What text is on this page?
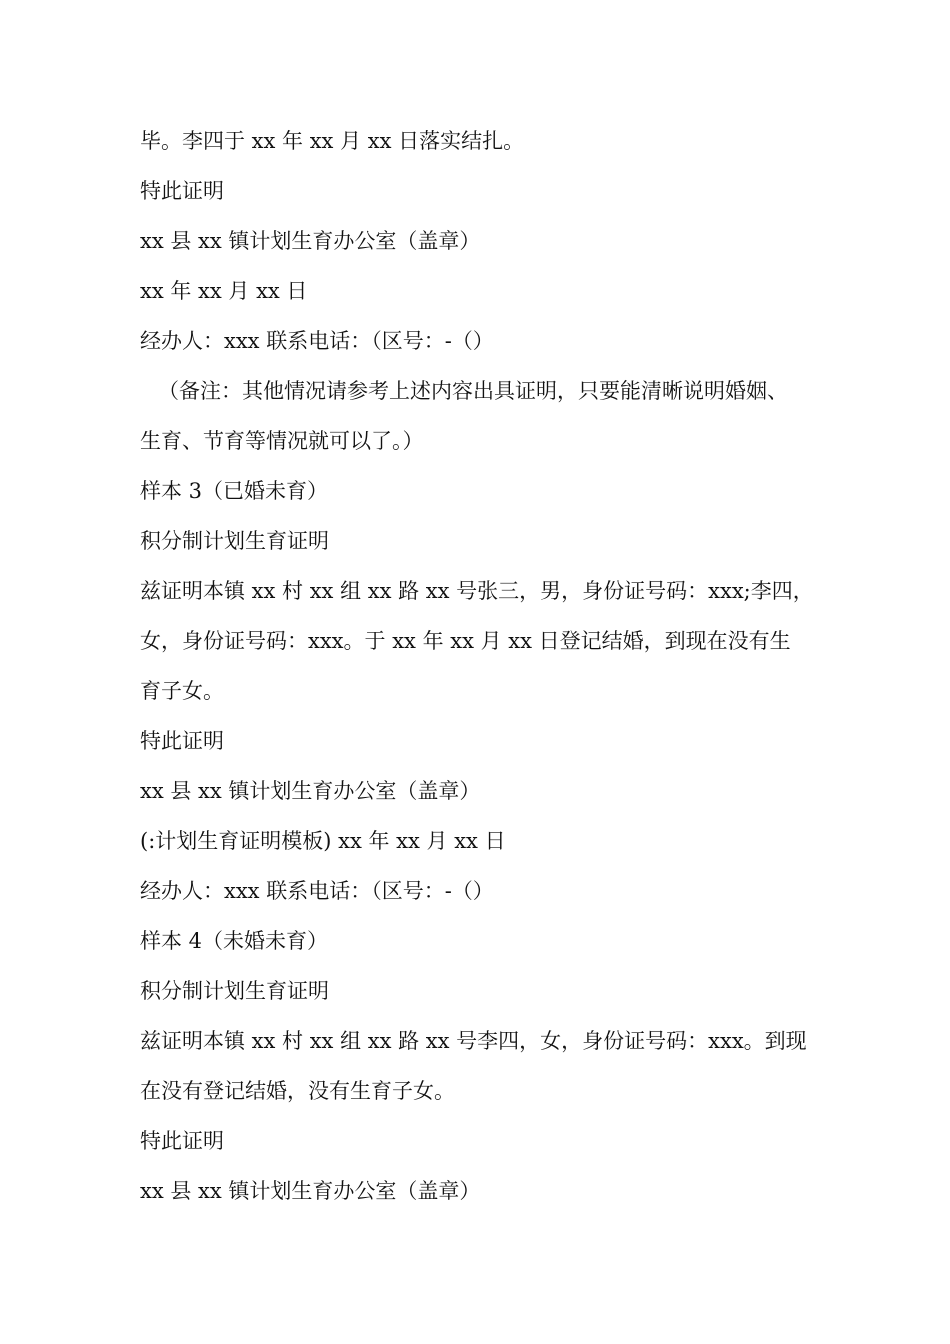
毕。李四于 xx 年 xx 月 xx 日落实结扎。

特此证明

xx 县 xx 镇计划生育办公室（盖章）

xx 年 xx 月 xx 日

经办人：xxx 联系电话：（区号：-（）

（备注：其他情况请参考上述内容出具证明，只要能清晰说明婚姻、

生育、节育等情况就可以了。）

样本 3（已婚未育）

积分制计划生育证明

兹证明本镇 xx 村 xx 组 xx 路 xx 号张三，男，身份证号码：xxx;李四，

女，身份证号码：xxx。于 xx 年 xx 月 xx 日登记结婚，到现在没有生

育子女。

特此证明

xx 县 xx 镇计划生育办公室（盖章）

(:计划生育证明模板) xx 年 xx 月 xx 日

经办人：xxx 联系电话：（区号：-（）

样本 4（未婚未育）

积分制计划生育证明

兹证明本镇 xx 村 xx 组 xx 路 xx 号李四，女，身份证号码：xxx。到现

在没有登记结婚，没有生育子女。

特此证明

xx 县 xx 镇计划生育办公室（盖章）
